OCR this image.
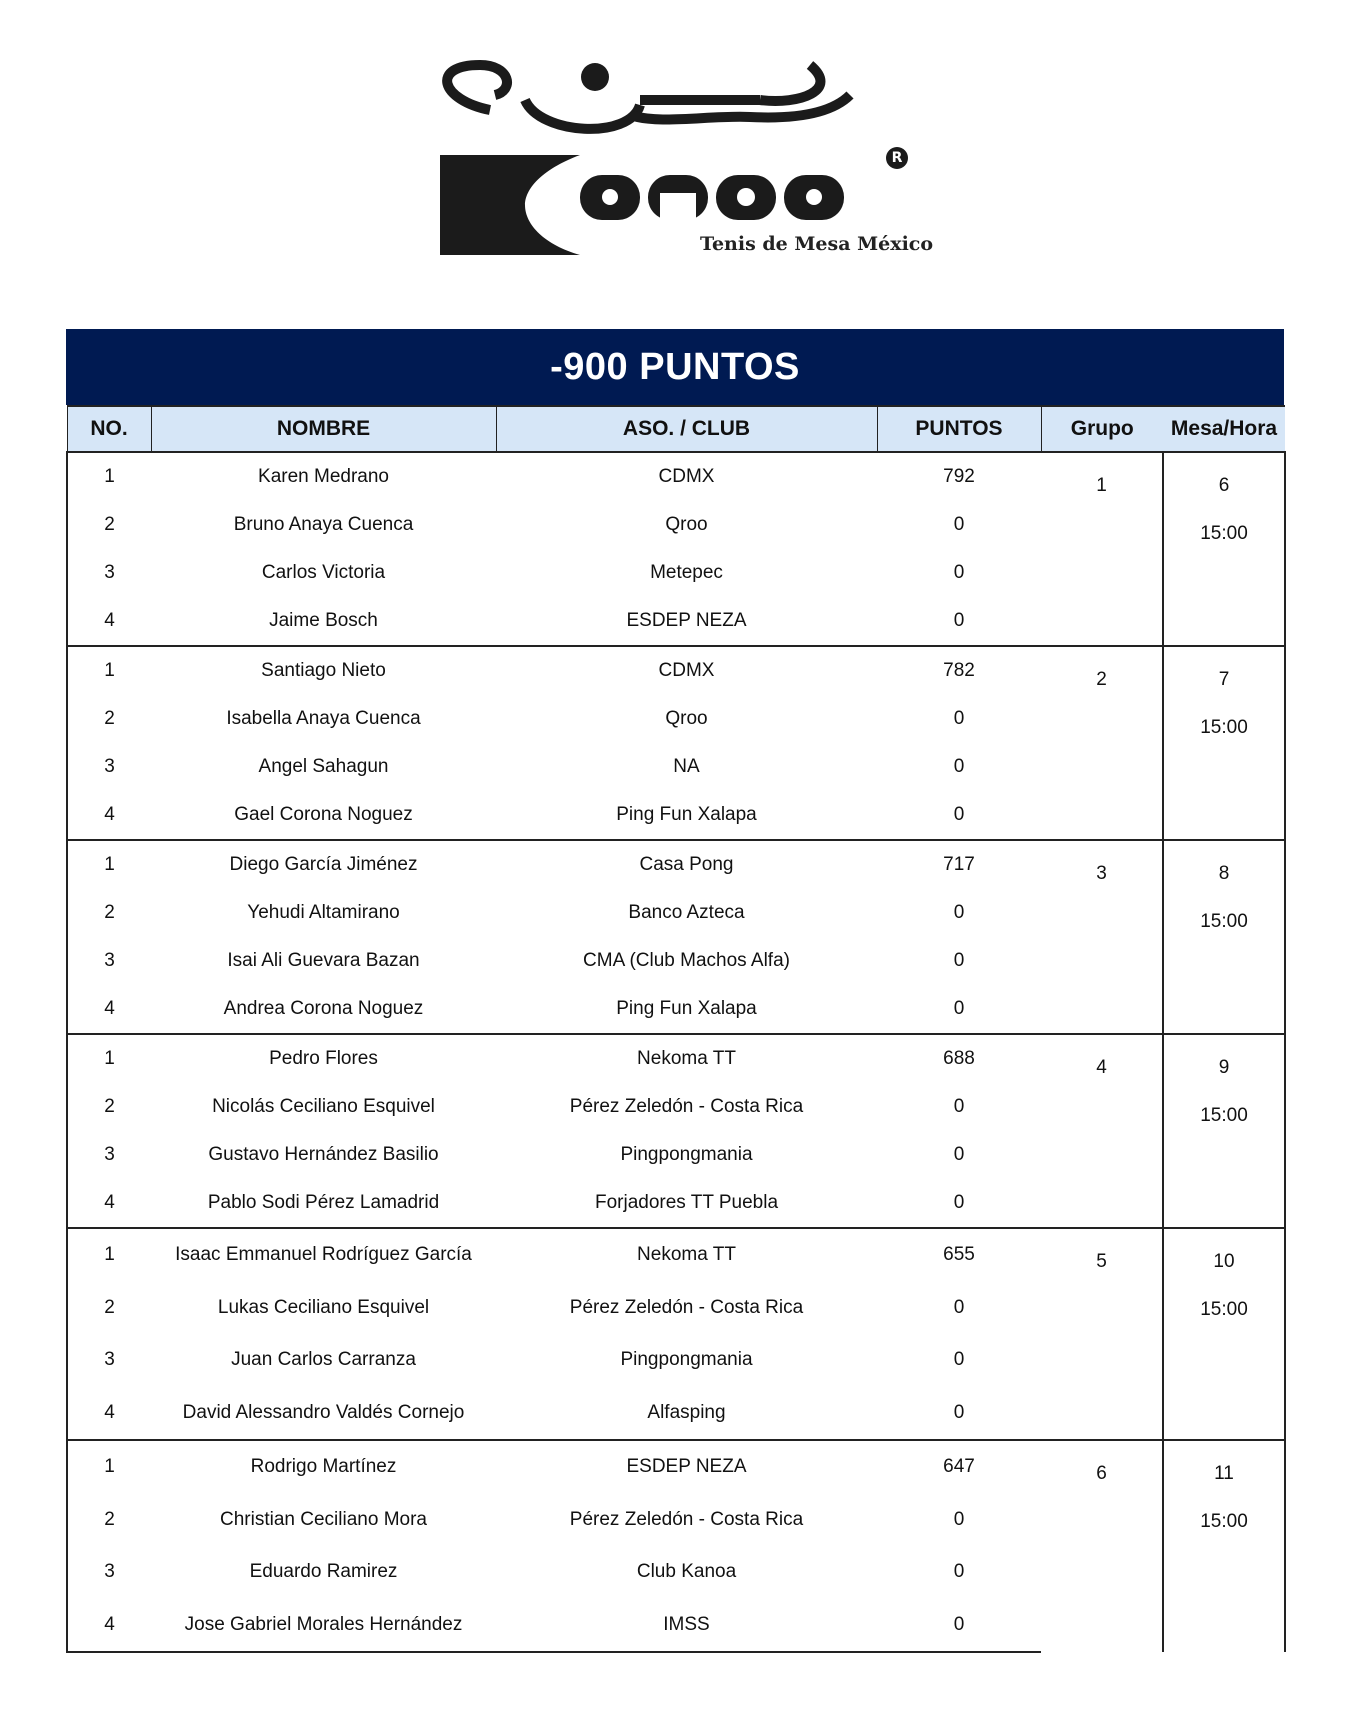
R
Tenis de Mesa México
-900 PUNTOS
NO.	NOMBRE	ASO. / CLUB	PUNTOS	Grupo	Mesa/Hora
1	Karen Medrano	CDMX	792	1	6
15:00

2	Bruno Anaya Cuenca	Qroo	0		
3	Carlos Victoria	Metepec	0		
4	Jaime Bosch	ESDEP NEZA	0		
1	Santiago Nieto	CDMX	782	2	7
15:00

2	Isabella Anaya Cuenca	Qroo	0		
3	Angel Sahagun	NA	0		
4	Gael Corona Noguez	Ping Fun Xalapa	0		
1	Diego García Jiménez	Casa Pong	717	3	8
15:00

2	Yehudi Altamirano	Banco Azteca	0		
3	Isai Ali Guevara Bazan	CMA (Club Machos Alfa)	0		
4	Andrea Corona Noguez	Ping Fun Xalapa	0		
1	Pedro Flores	Nekoma TT	688	4	9
15:00

2	Nicolás Ceciliano Esquivel	Pérez Zeledón - Costa Rica	0		
3	Gustavo Hernández Basilio	Pingpongmania	0		
4	Pablo Sodi Pérez Lamadrid	Forjadores TT Puebla	0		
1	Isaac Emmanuel Rodríguez García	Nekoma TT	655	5	10
15:00

2	Lukas Ceciliano Esquivel	Pérez Zeledón - Costa Rica	0		
3	Juan Carlos Carranza	Pingpongmania	0		
4	David Alessandro Valdés Cornejo	Alfasping	0		
1	Rodrigo Martínez	ESDEP NEZA	647	6	11
15:00

2	Christian Ceciliano Mora	Pérez Zeledón - Costa Rica	0		
3	Eduardo Ramirez	Club Kanoa	0		
4	Jose Gabriel Morales Hernández	IMSS	0		
